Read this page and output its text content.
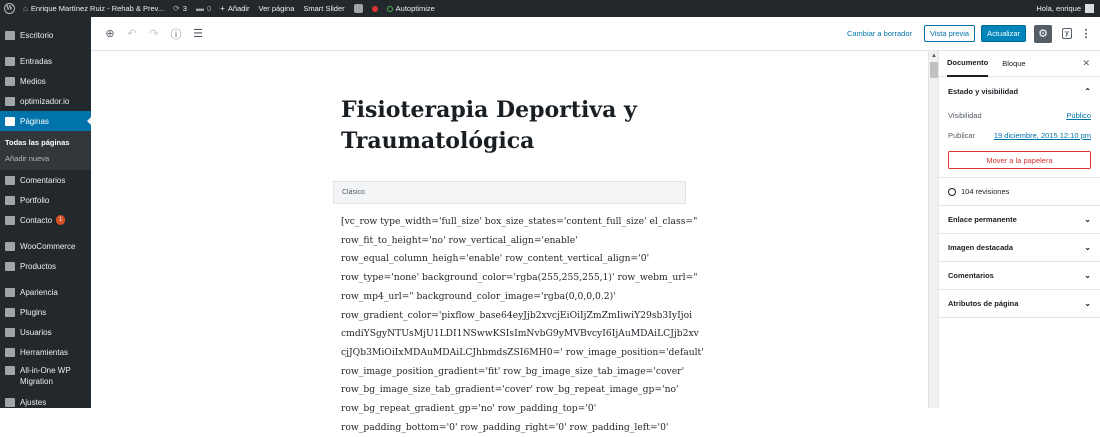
W ⌂ Enrique Martínez Ruiz - Rehab & Prev... ⟳ 3 ▬ 0 + Añadir Ver página Smart Slider	Autoptimize	Hola, enrique
Escritorio
Entradas
Medios
optimizador.io
Páginas
Todas las páginas
Añadir nueva
Comentarios
Portfolio
Contacto	1
WooCommerce
Productos
Apariencia
Plugins
Usuarios
Herramientas
All-in-One WP Migration
Ajustes
⊕	↶	↷	ⓘ	☰	Cambiar a borrador	Vista previa	Actualizar	⚙	y ⋮
Fisioterapia Deportiva y Traumatológica
Clásico
[vc_row type_width='full_size' box_size_states='content_full_size' el_class="
row_fit_to_height='no' row_vertical_align='enable'
row_equal_column_heigh='enable' row_content_vertical_align='0'
row_type='none' background_color='rgba(255,255,255,1)' row_webm_url="
row_mp4_url=" background_color_image='rgba(0,0,0,0.2)'
row_gradient_color='pixflow_base64eyJjb2xvcjEiOiIjZmZmIiwiY29sb3IyIjoi
cmdiYSgyNTUsMjU1LDI1NSwwKSIsImNvbG9yMVBvcyI6IjAuMDAiLCJjb2xv
cjJQb3MiOiIxMDAuMDAiLCJhbmdsZSI6MH0=' row_image_position='default'
row_image_position_gradient='fit' row_bg_image_size_tab_image='cover'
row_bg_image_size_tab_gradient='cover' row_bg_repeat_image_gp='no'
row_bg_repeat_gradient_gp='no' row_padding_top='0'
row_padding_bottom='0' row_padding_right='0' row_padding_left='0'
▲
Documento Bloque	✕
Estado y visibilidad	⌃
Visibilidad	Público
Publicar 19 diciembre, 2015 12:10 pm
Mover a la papelera
104 revisiones
Enlace permanente	⌄
Imagen destacada	⌄
Comentarios	⌄
Atributos de página	⌄
